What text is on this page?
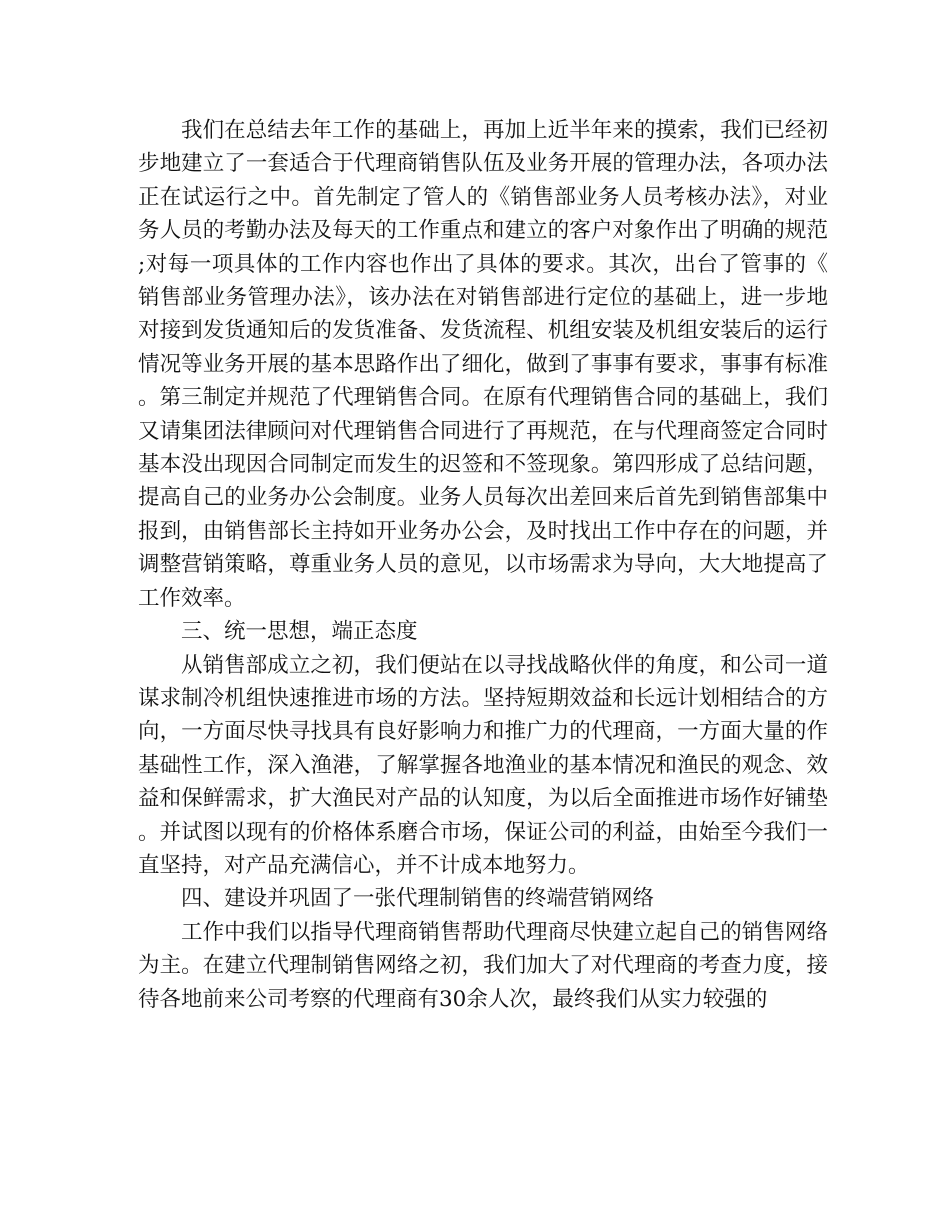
我们在总结去年工作的基础上，再加上近半年来的摸索，我们已经初步地建立了一套适合于代理商销售队伍及业务开展的管理办法，各项办法正在试运行之中。首先制定了管人的《销售部业务人员考核办法》，对业务人员的考勤办法及每天的工作重点和建立的客户对象作出了明确的规范;对每一项具体的工作内容也作出了具体的要求。其次，出台了管事的《销售部业务管理办法》，该办法在对销售部进行定位的基础上，进一步地对接到发货通知后的发货准备、发货流程、机组安装及机组安装后的运行情况等业务开展的基本思路作出了细化，做到了事事有要求，事事有标准。第三制定并规范了代理销售合同。在原有代理销售合同的基础上，我们又请集团法律顾问对代理销售合同进行了再规范，在与代理商签定合同时基本没出现因合同制定而发生的迟签和不签现象。第四形成了总结问题，提高自己的业务办公会制度。业务人员每次出差回来后首先到销售部集中报到，由销售部长主持如开业务办公会，及时找出工作中存在的问题，并调整营销策略，尊重业务人员的意见，以市场需求为导向，大大地提高了工作效率。

三、统一思想，端正态度

从销售部成立之初，我们便站在以寻找战略伙伴的角度，和公司一道谋求制冷机组快速推进市场的方法。坚持短期效益和长远计划相结合的方向，一方面尽快寻找具有良好影响力和推广力的代理商，一方面大量的作基础性工作，深入渔港，了解掌握各地渔业的基本情况和渔民的观念、效益和保鲜需求，扩大渔民对产品的认知度，为以后全面推进市场作好铺垫。并试图以现有的价格体系磨合市场，保证公司的利益，由始至今我们一直坚持，对产品充满信心，并不计成本地努力。

四、建设并巩固了一张代理制销售的终端营销网络

工作中我们以指导代理商销售帮助代理商尽快建立起自己的销售网络为主。在建立代理制销售网络之初，我们加大了对代理商的考查力度，接待各地前来公司考察的代理商有30余人次，最终我们从实力较强的
